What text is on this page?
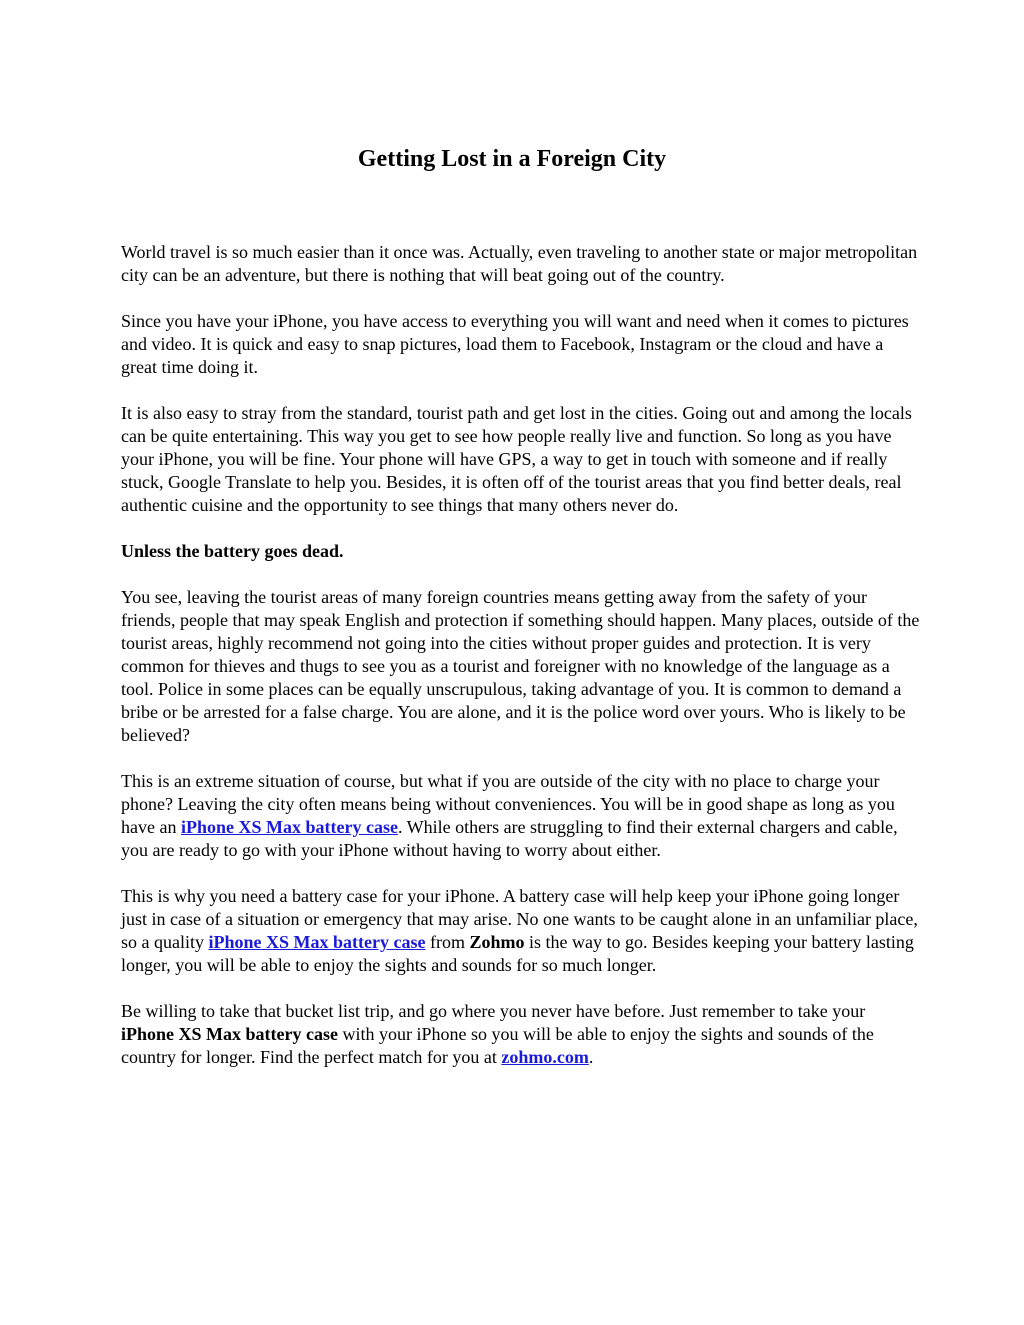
Getting Lost in a Foreign City

World travel is so much easier than it once was. Actually, even traveling to another state or major metropolitan city can be an adventure, but there is nothing that will beat going out of the country.

Since you have your iPhone, you have access to everything you will want and need when it comes to pictures and video. It is quick and easy to snap pictures, load them to Facebook, Instagram or the cloud and have a great time doing it.

It is also easy to stray from the standard, tourist path and get lost in the cities. Going out and among the locals can be quite entertaining. This way you get to see how people really live and function. So long as you have your iPhone, you will be fine. Your phone will have GPS, a way to get in touch with someone and if really stuck, Google Translate to help you. Besides, it is often off of the tourist areas that you find better deals, real authentic cuisine and the opportunity to see things that many others never do.

Unless the battery goes dead.

You see, leaving the tourist areas of many foreign countries means getting away from the safety of your friends, people that may speak English and protection if something should happen. Many places, outside of the tourist areas, highly recommend not going into the cities without proper guides and protection. It is very common for thieves and thugs to see you as a tourist and foreigner with no knowledge of the language as a tool. Police in some places can be equally unscrupulous, taking advantage of you. It is common to demand a bribe or be arrested for a false charge. You are alone, and it is the police word over yours. Who is likely to be believed?

This is an extreme situation of course, but what if you are outside of the city with no place to charge your phone? Leaving the city often means being without conveniences. You will be in good shape as long as you have an iPhone XS Max battery case. While others are struggling to find their external chargers and cable, you are ready to go with your iPhone without having to worry about either.

This is why you need a battery case for your iPhone. A battery case will help keep your iPhone going longer just in case of a situation or emergency that may arise. No one wants to be caught alone in an unfamiliar place, so a quality iPhone XS Max battery case from Zohmo is the way to go. Besides keeping your battery lasting longer, you will be able to enjoy the sights and sounds for so much longer.

Be willing to take that bucket list trip, and go where you never have before. Just remember to take your iPhone XS Max battery case with your iPhone so you will be able to enjoy the sights and sounds of the country for longer. Find the perfect match for you at zohmo.com.
